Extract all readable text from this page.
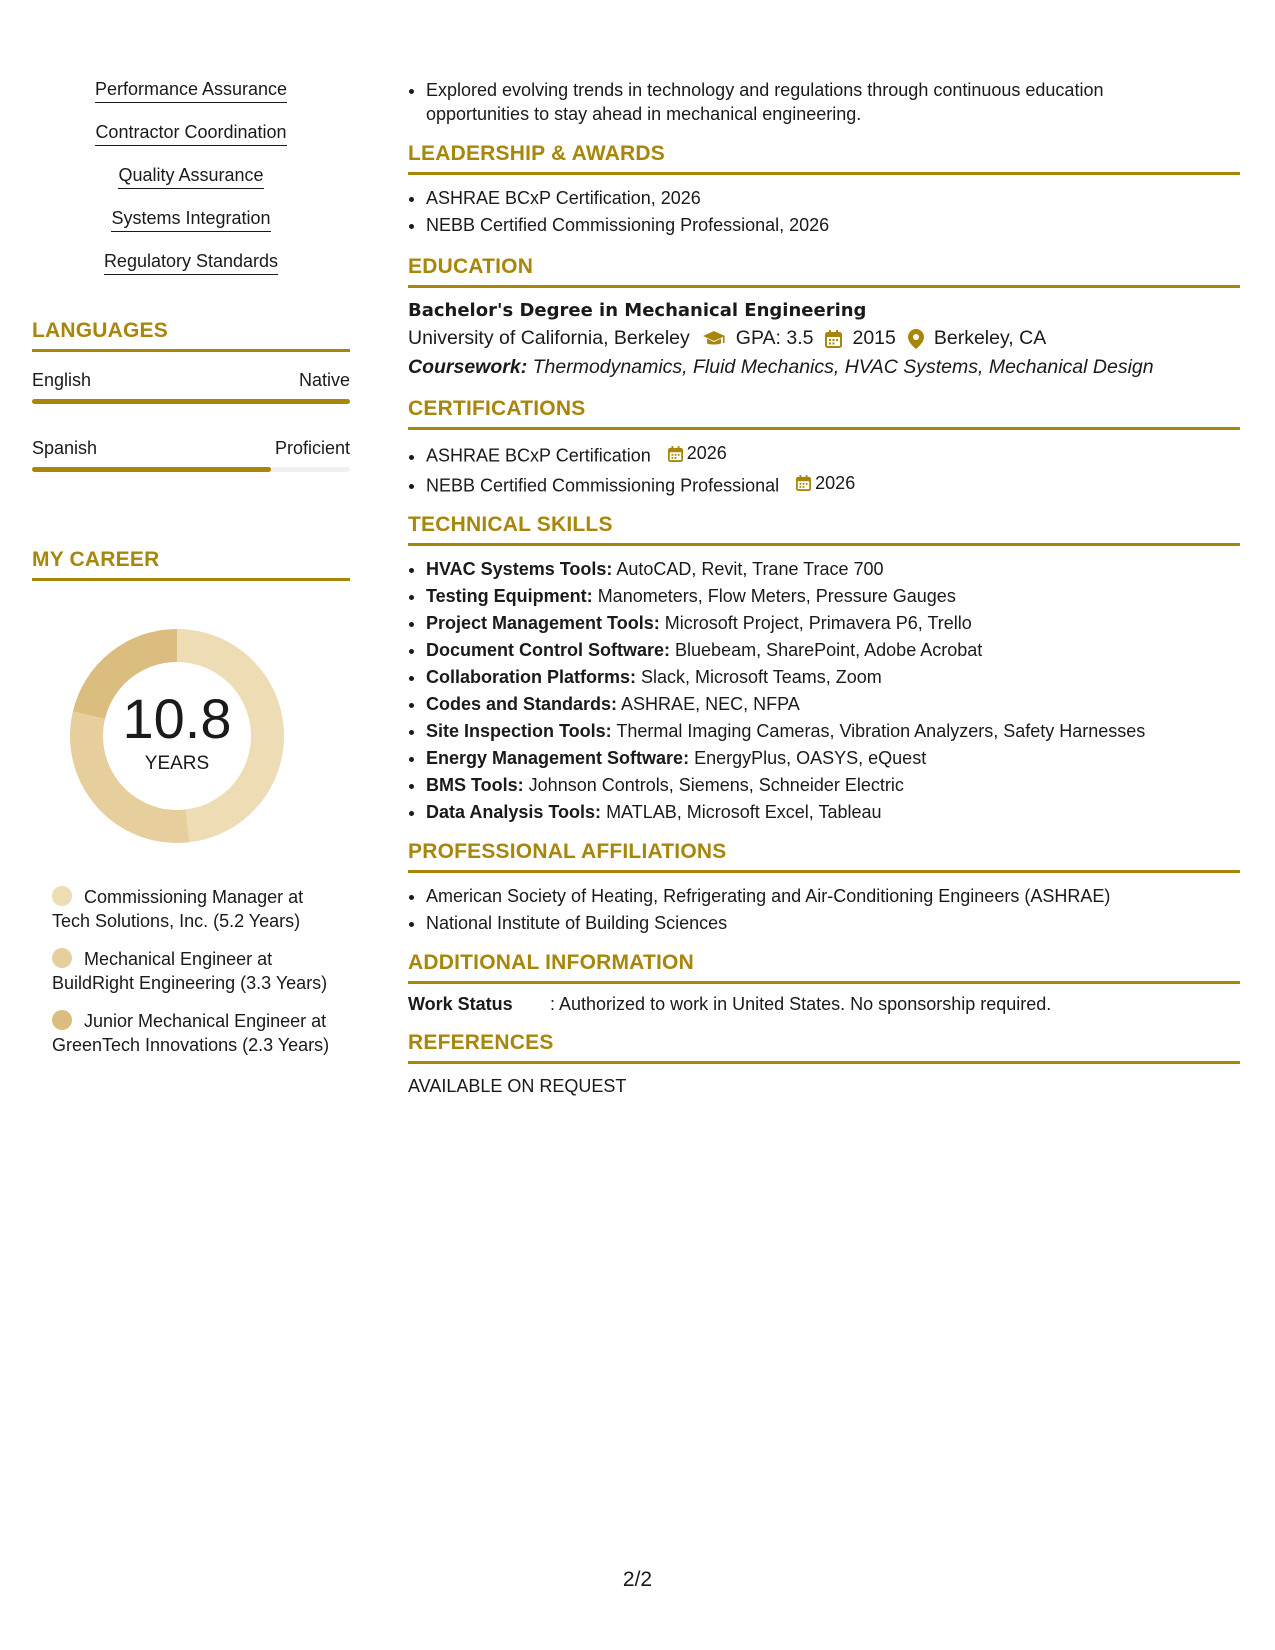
Performance Assurance
Contractor Coordination
Quality Assurance
Systems Integration
Regulatory Standards
LANGUAGES
English	Native
Spanish	Proficient
MY CAREER
10.8
YEARS
Commissioning Manager at Tech Solutions, Inc. (5.2 Years)
Mechanical Engineer at BuildRight Engineering (3.3 Years)
Junior Mechanical Engineer at GreenTech Innovations (2.3 Years)
• Explored evolving trends in technology and regulations through continuous education opportunities to stay ahead in mechanical engineering.
LEADERSHIP & AWARDS
• ASHRAE BCxP Certification, 2026
• NEBB Certified Commissioning Professional, 2026
EDUCATION
Bachelor's Degree in Mechanical Engineering
University of California, Berkeley GPA: 3.5 2015 Berkeley, CA
Coursework: Thermodynamics, Fluid Mechanics, HVAC Systems, Mechanical Design
CERTIFICATIONS
• ASHRAE BCxP Certification 2026
• NEBB Certified Commissioning Professional 2026
TECHNICAL SKILLS
• HVAC Systems Tools: AutoCAD, Revit, Trane Trace 700
• Testing Equipment: Manometers, Flow Meters, Pressure Gauges
• Project Management Tools: Microsoft Project, Primavera P6, Trello
• Document Control Software: Bluebeam, SharePoint, Adobe Acrobat
• Collaboration Platforms: Slack, Microsoft Teams, Zoom
• Codes and Standards: ASHRAE, NEC, NFPA
• Site Inspection Tools: Thermal Imaging Cameras, Vibration Analyzers, Safety Harnesses
• Energy Management Software: EnergyPlus, OASYS, eQuest
• BMS Tools: Johnson Controls, Siemens, Schneider Electric
• Data Analysis Tools: MATLAB, Microsoft Excel, Tableau
PROFESSIONAL AFFILIATIONS
• American Society of Heating, Refrigerating and Air-Conditioning Engineers (ASHRAE)
• National Institute of Building Sciences
ADDITIONAL INFORMATION
Work Status	: Authorized to work in United States. No sponsorship required.
REFERENCES
AVAILABLE ON REQUEST
2/2
